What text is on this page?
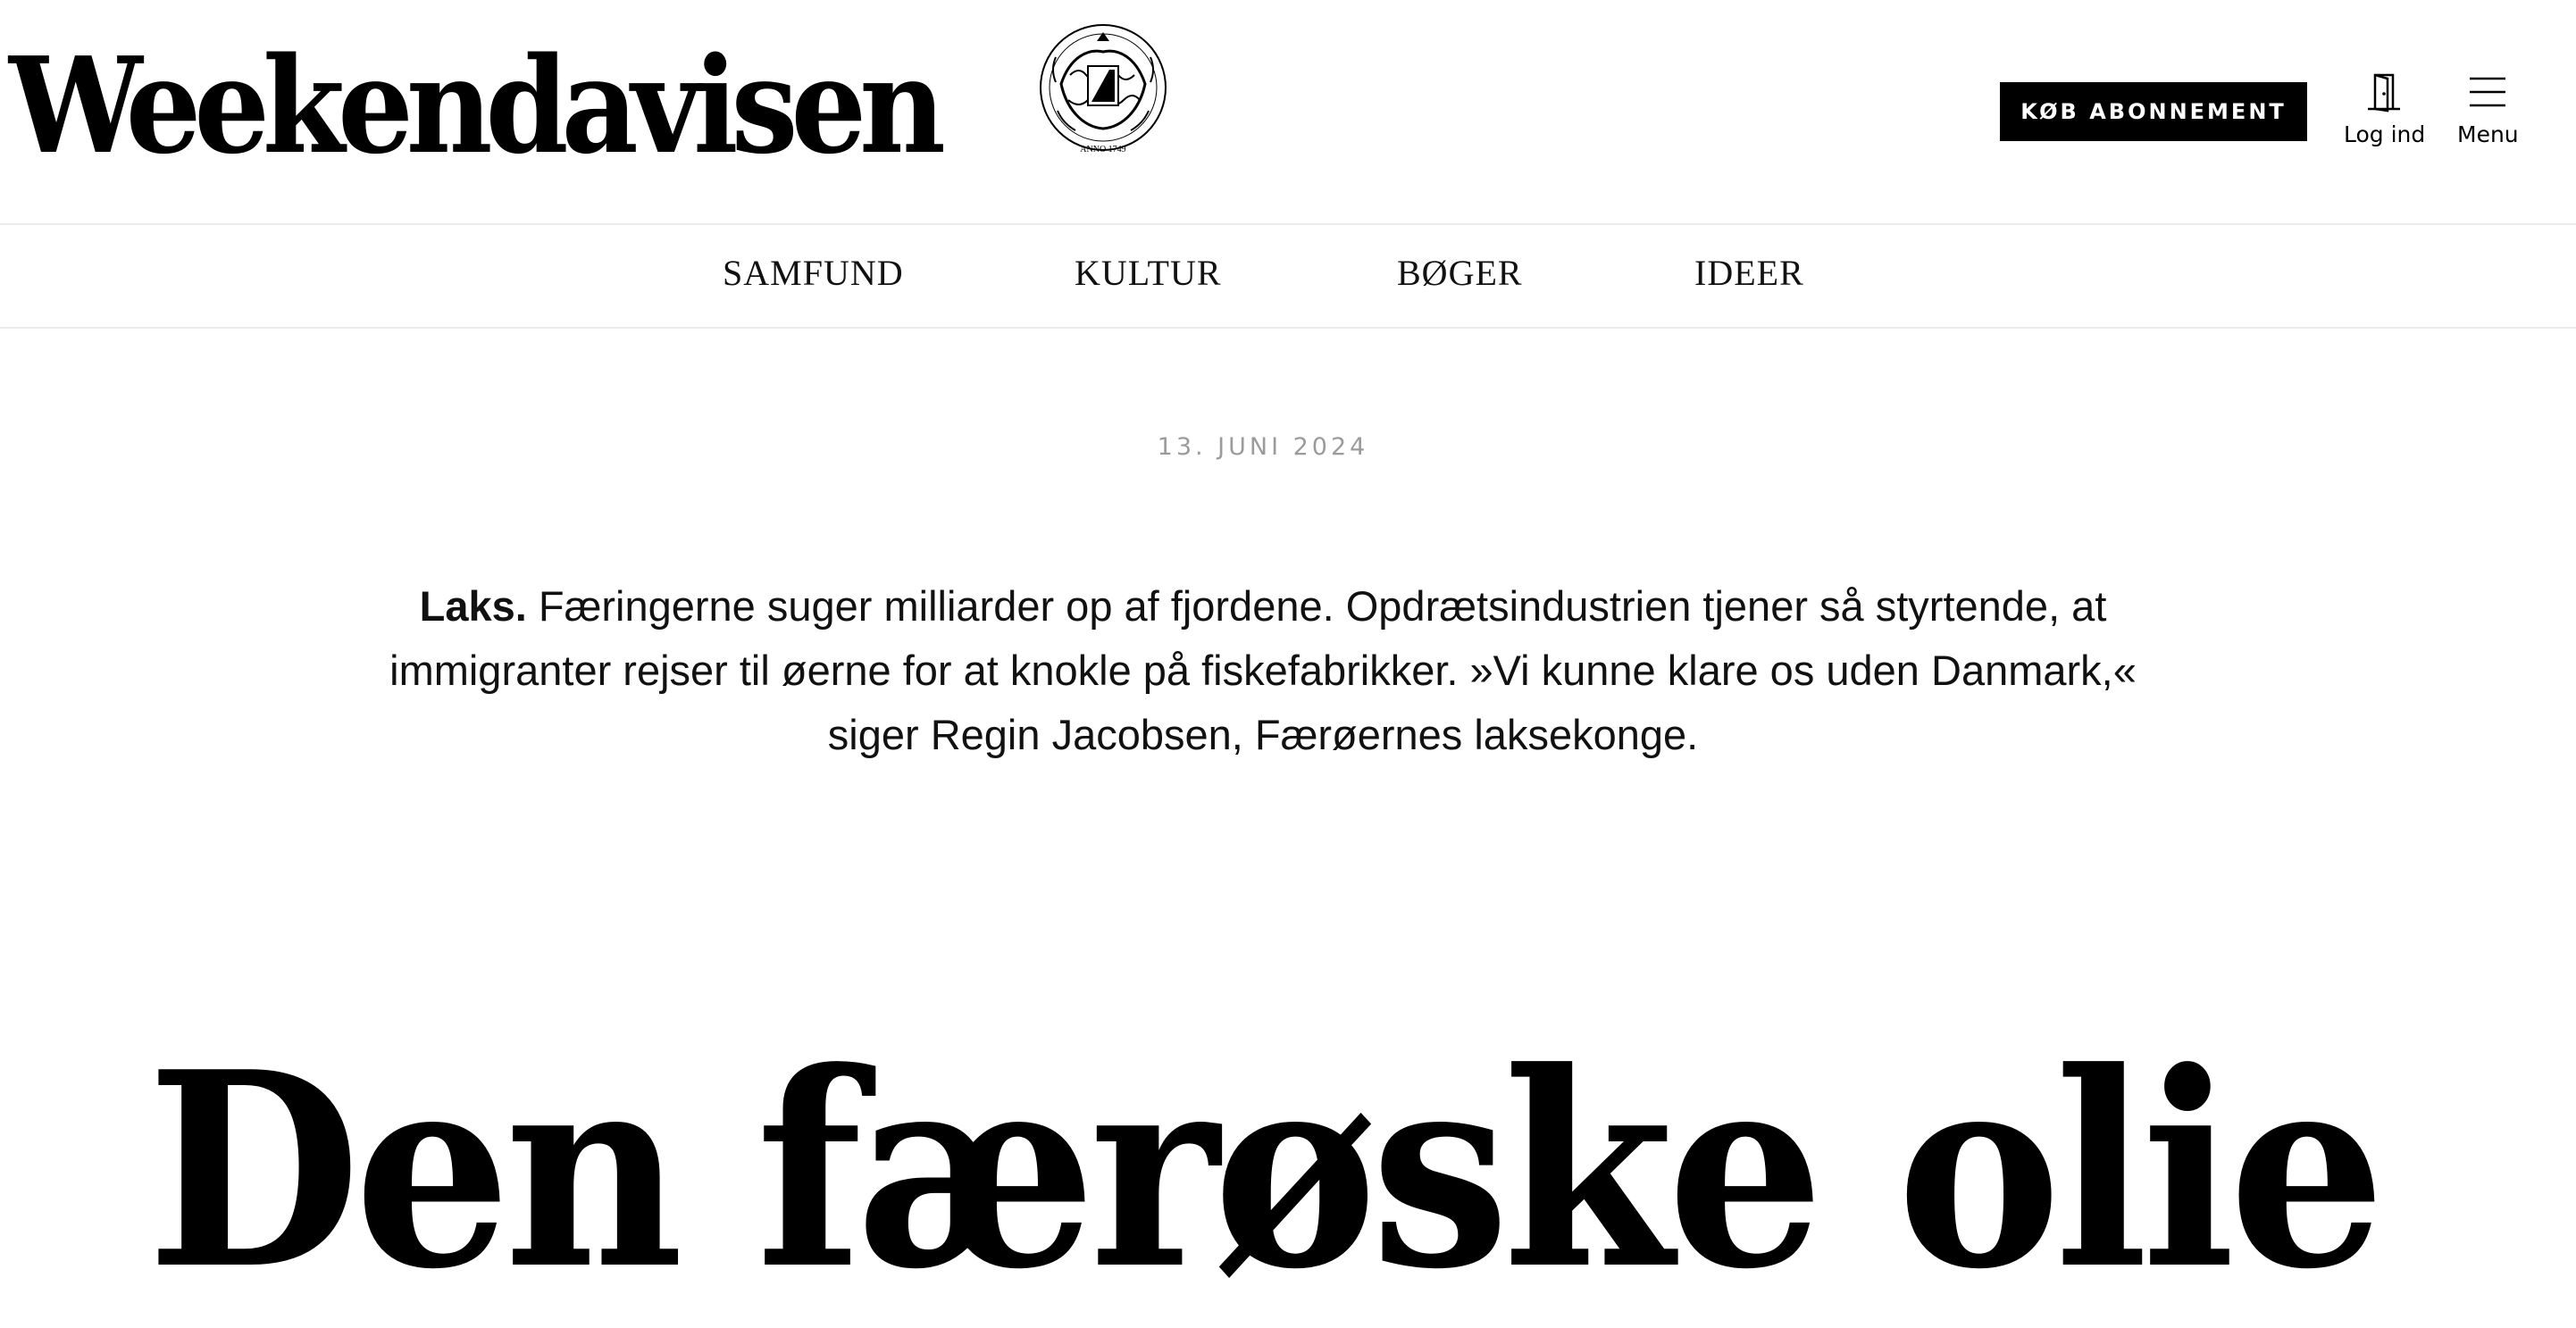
Weekendavisen	ANNO 1749
KØB ABONNEMENT
Log ind Menu
SAMFUND	KULTUR	BØGER	IDEER
13. JUNI 2024

Laks. Færingerne suger milliarder op af fjordene. Opdrætsindustrien tjener så styrtende, at immigranter rejser til øerne for at knokle på fiskefabrikker. »Vi kunne klare os uden Danmark,« siger Regin Jacobsen, Færøernes laksekonge.

Den færøske olie
